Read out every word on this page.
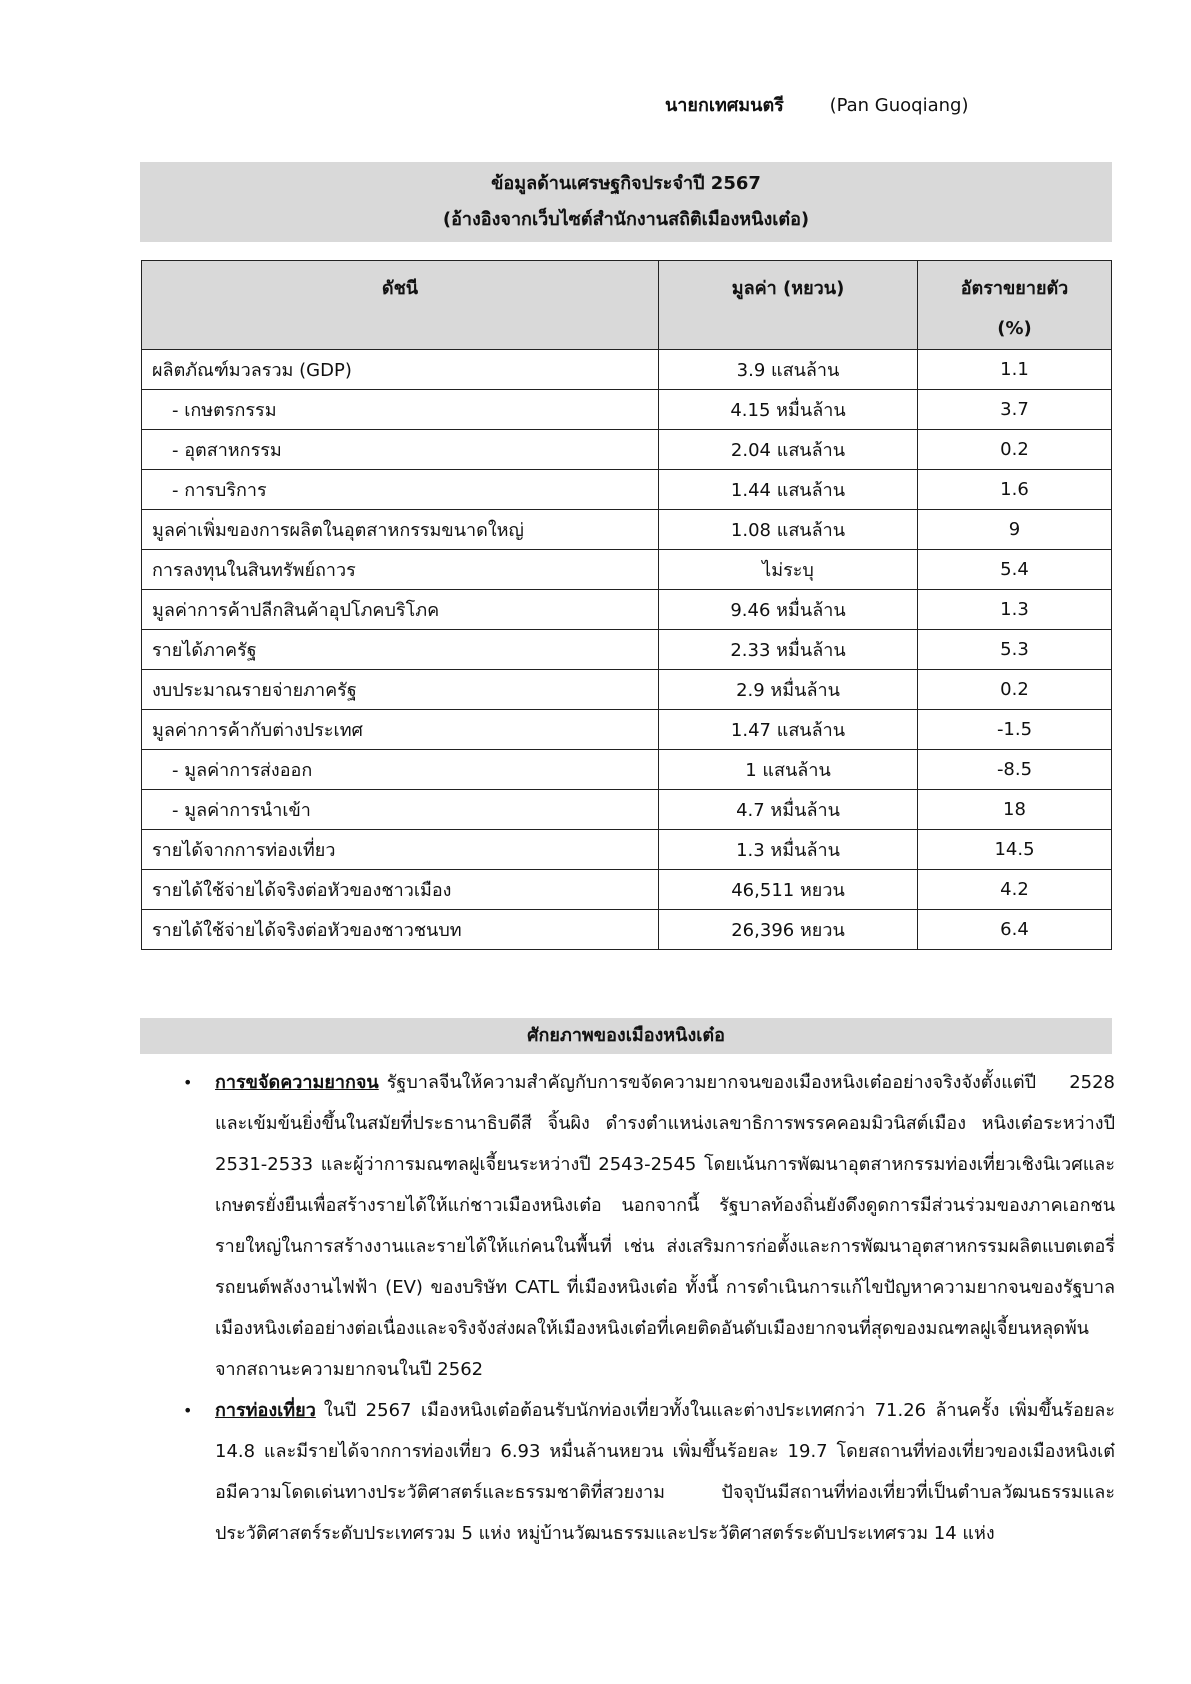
นายกเทศมนตรี	(Pan Guoqiang)
ข้อมูลด้านเศรษฐกิจประจำปี 2567
(อ้างอิงจากเว็บไซต์สำนักงานสถิติเมืองหนิงเต๋อ)
ดัชนี	มูลค่า (หยวน)	อัตราขยายตัว
(%)

ผลิตภัณฑ์มวลรวม (GDP)	3.9 แสนล้าน	1.1
- เกษตรกรรม	4.15 หมื่นล้าน	3.7
- อุตสาหกรรม	2.04 แสนล้าน	0.2
- การบริการ	1.44 แสนล้าน	1.6
มูลค่าเพิ่มของการผลิตในอุตสาหกรรมขนาดใหญ่	1.08 แสนล้าน	9
การลงทุนในสินทรัพย์ถาวร	ไม่ระบุ	5.4
มูลค่าการค้าปลีกสินค้าอุปโภคบริโภค	9.46 หมื่นล้าน	1.3
รายได้ภาครัฐ	2.33 หมื่นล้าน	5.3
งบประมาณรายจ่ายภาครัฐ	2.9 หมื่นล้าน	0.2
มูลค่าการค้ากับต่างประเทศ	1.47 แสนล้าน	-1.5
- มูลค่าการส่งออก	1 แสนล้าน	-8.5
- มูลค่าการนำเข้า	4.7 หมื่นล้าน	18
รายได้จากการท่องเที่ยว	1.3 หมื่นล้าน	14.5
รายได้ใช้จ่ายได้จริงต่อหัวของชาวเมือง	46,511 หยวน	4.2
รายได้ใช้จ่ายได้จริงต่อหัวของชาวชนบท	26,396 หยวน	6.4
ศักยภาพของเมืองหนิงเต๋อ
• การขจัดความยากจน รัฐบาลจีนให้ความสำคัญกับการขจัดความยากจนของเมืองหนิงเต๋ออย่างจริงจังตั้งแต่ปี 2528 และเข้มข้นยิ่งขึ้นในสมัยที่ประธานาธิบดีสี จิ้นผิง ดำรงตำแหน่งเลขาธิการพรรคคอมมิวนิสต์เมือง หนิงเต๋อระหว่างปี 2531-2533 และผู้ว่าการมณฑลฝูเจี้ยนระหว่างปี 2543-2545 โดยเน้นการพัฒนาอุตสาหกรรมท่องเที่ยวเชิงนิเวศและเกษตรยั่งยืนเพื่อสร้างรายได้ให้แก่ชาวเมืองหนิงเต๋อ นอกจากนี้ รัฐบาลท้องถิ่นยังดึงดูดการมีส่วนร่วมของภาคเอกชนรายใหญ่ในการสร้างงานและรายได้ให้แก่คนในพื้นที่ เช่น ส่งเสริมการก่อตั้งและการพัฒนาอุตสาหกรรมผลิตแบตเตอรี่รถยนต์พลังงานไฟฟ้า (EV) ของบริษัท CATL ที่เมืองหนิงเต๋อ ทั้งนี้ การดำเนินการแก้ไขปัญหาความยากจนของรัฐบาลเมืองหนิงเต๋ออย่างต่อเนื่องและจริงจังส่งผลให้เมืองหนิงเต๋อที่เคยติดอันดับเมืองยากจนที่สุดของมณฑลฝูเจี้ยนหลุดพ้นจากสถานะความยากจนในปี 2562
• การท่องเที่ยว ในปี 2567 เมืองหนิงเต๋อต้อนรับนักท่องเที่ยวทั้งในและต่างประเทศกว่า 71.26 ล้านครั้ง เพิ่มขึ้นร้อยละ 14.8 และมีรายได้จากการท่องเที่ยว 6.93 หมื่นล้านหยวน เพิ่มขึ้นร้อยละ 19.7 โดยสถานที่ท่องเที่ยวของเมืองหนิงเต๋อมีความโดดเด่นทางประวัติศาสตร์และธรรมชาติที่สวยงาม ปัจจุบันมีสถานที่ท่องเที่ยวที่เป็นตำบลวัฒนธรรมและประวัติศาสตร์ระดับประเทศรวม 5 แห่ง หมู่บ้านวัฒนธรรมและประวัติศาสตร์ระดับประเทศรวม 14 แห่ง
